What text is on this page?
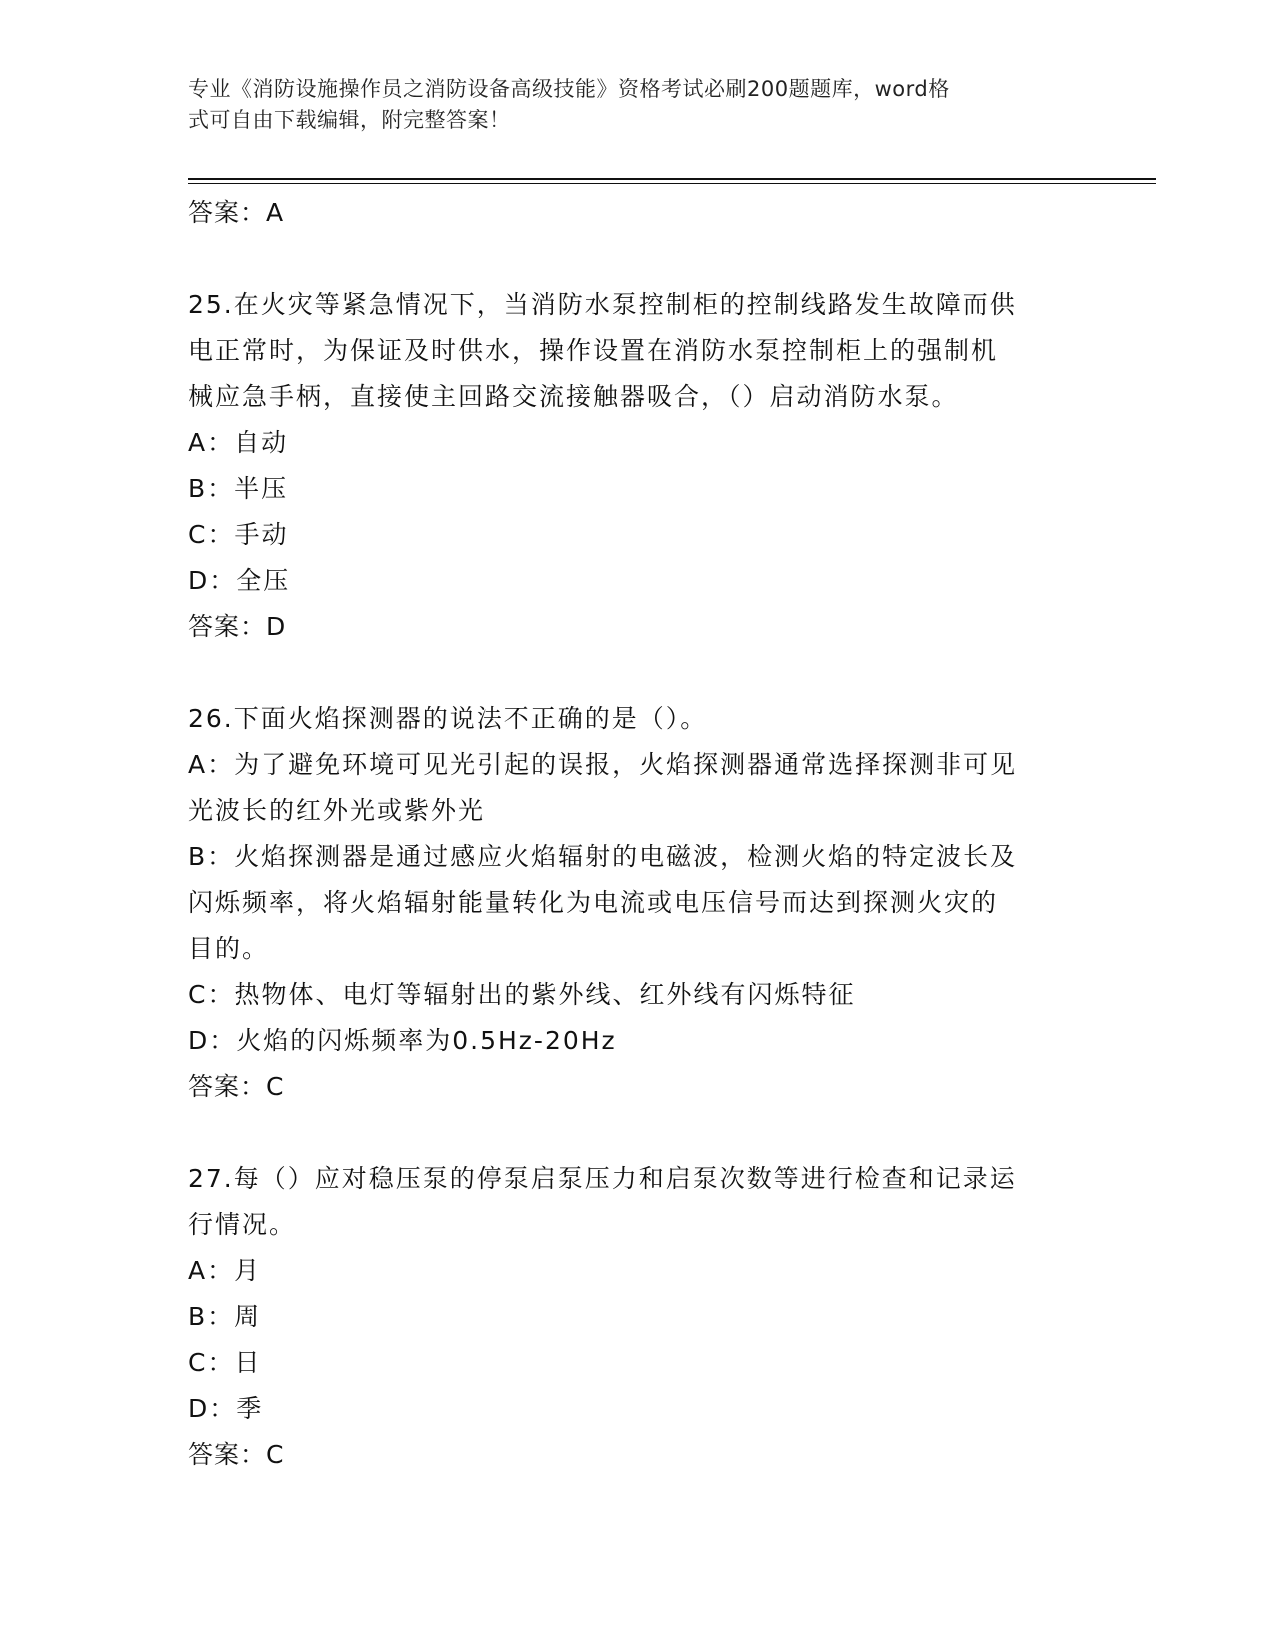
专业《消防设施操作员之消防设备高级技能》资格考试必刷200题题库，word格
式可自由下载编辑，附完整答案！
答案：A
25.在火灾等紧急情况下，当消防水泵控制柜的控制线路发生故障而供
电正常时，为保证及时供水，操作设置在消防水泵控制柜上的强制机
械应急手柄，直接使主回路交流接触器吸合，（）启动消防水泵。
A：自动
B：半压
C：手动
D：全压
答案：D
26.下面火焰探测器的说法不正确的是（）。
A：为了避免环境可见光引起的误报，火焰探测器通常选择探测非可见
光波长的红外光或紫外光
B：火焰探测器是通过感应火焰辐射的电磁波，检测火焰的特定波长及
闪烁频率，将火焰辐射能量转化为电流或电压信号而达到探测火灾的
目的。
C：热物体、电灯等辐射出的紫外线、红外线有闪烁特征
D：火焰的闪烁频率为0.5Hz-20Hz
答案：C
27.每（）应对稳压泵的停泵启泵压力和启泵次数等进行检查和记录运
行情况。
A：月
B：周
C：日
D：季
答案：C
